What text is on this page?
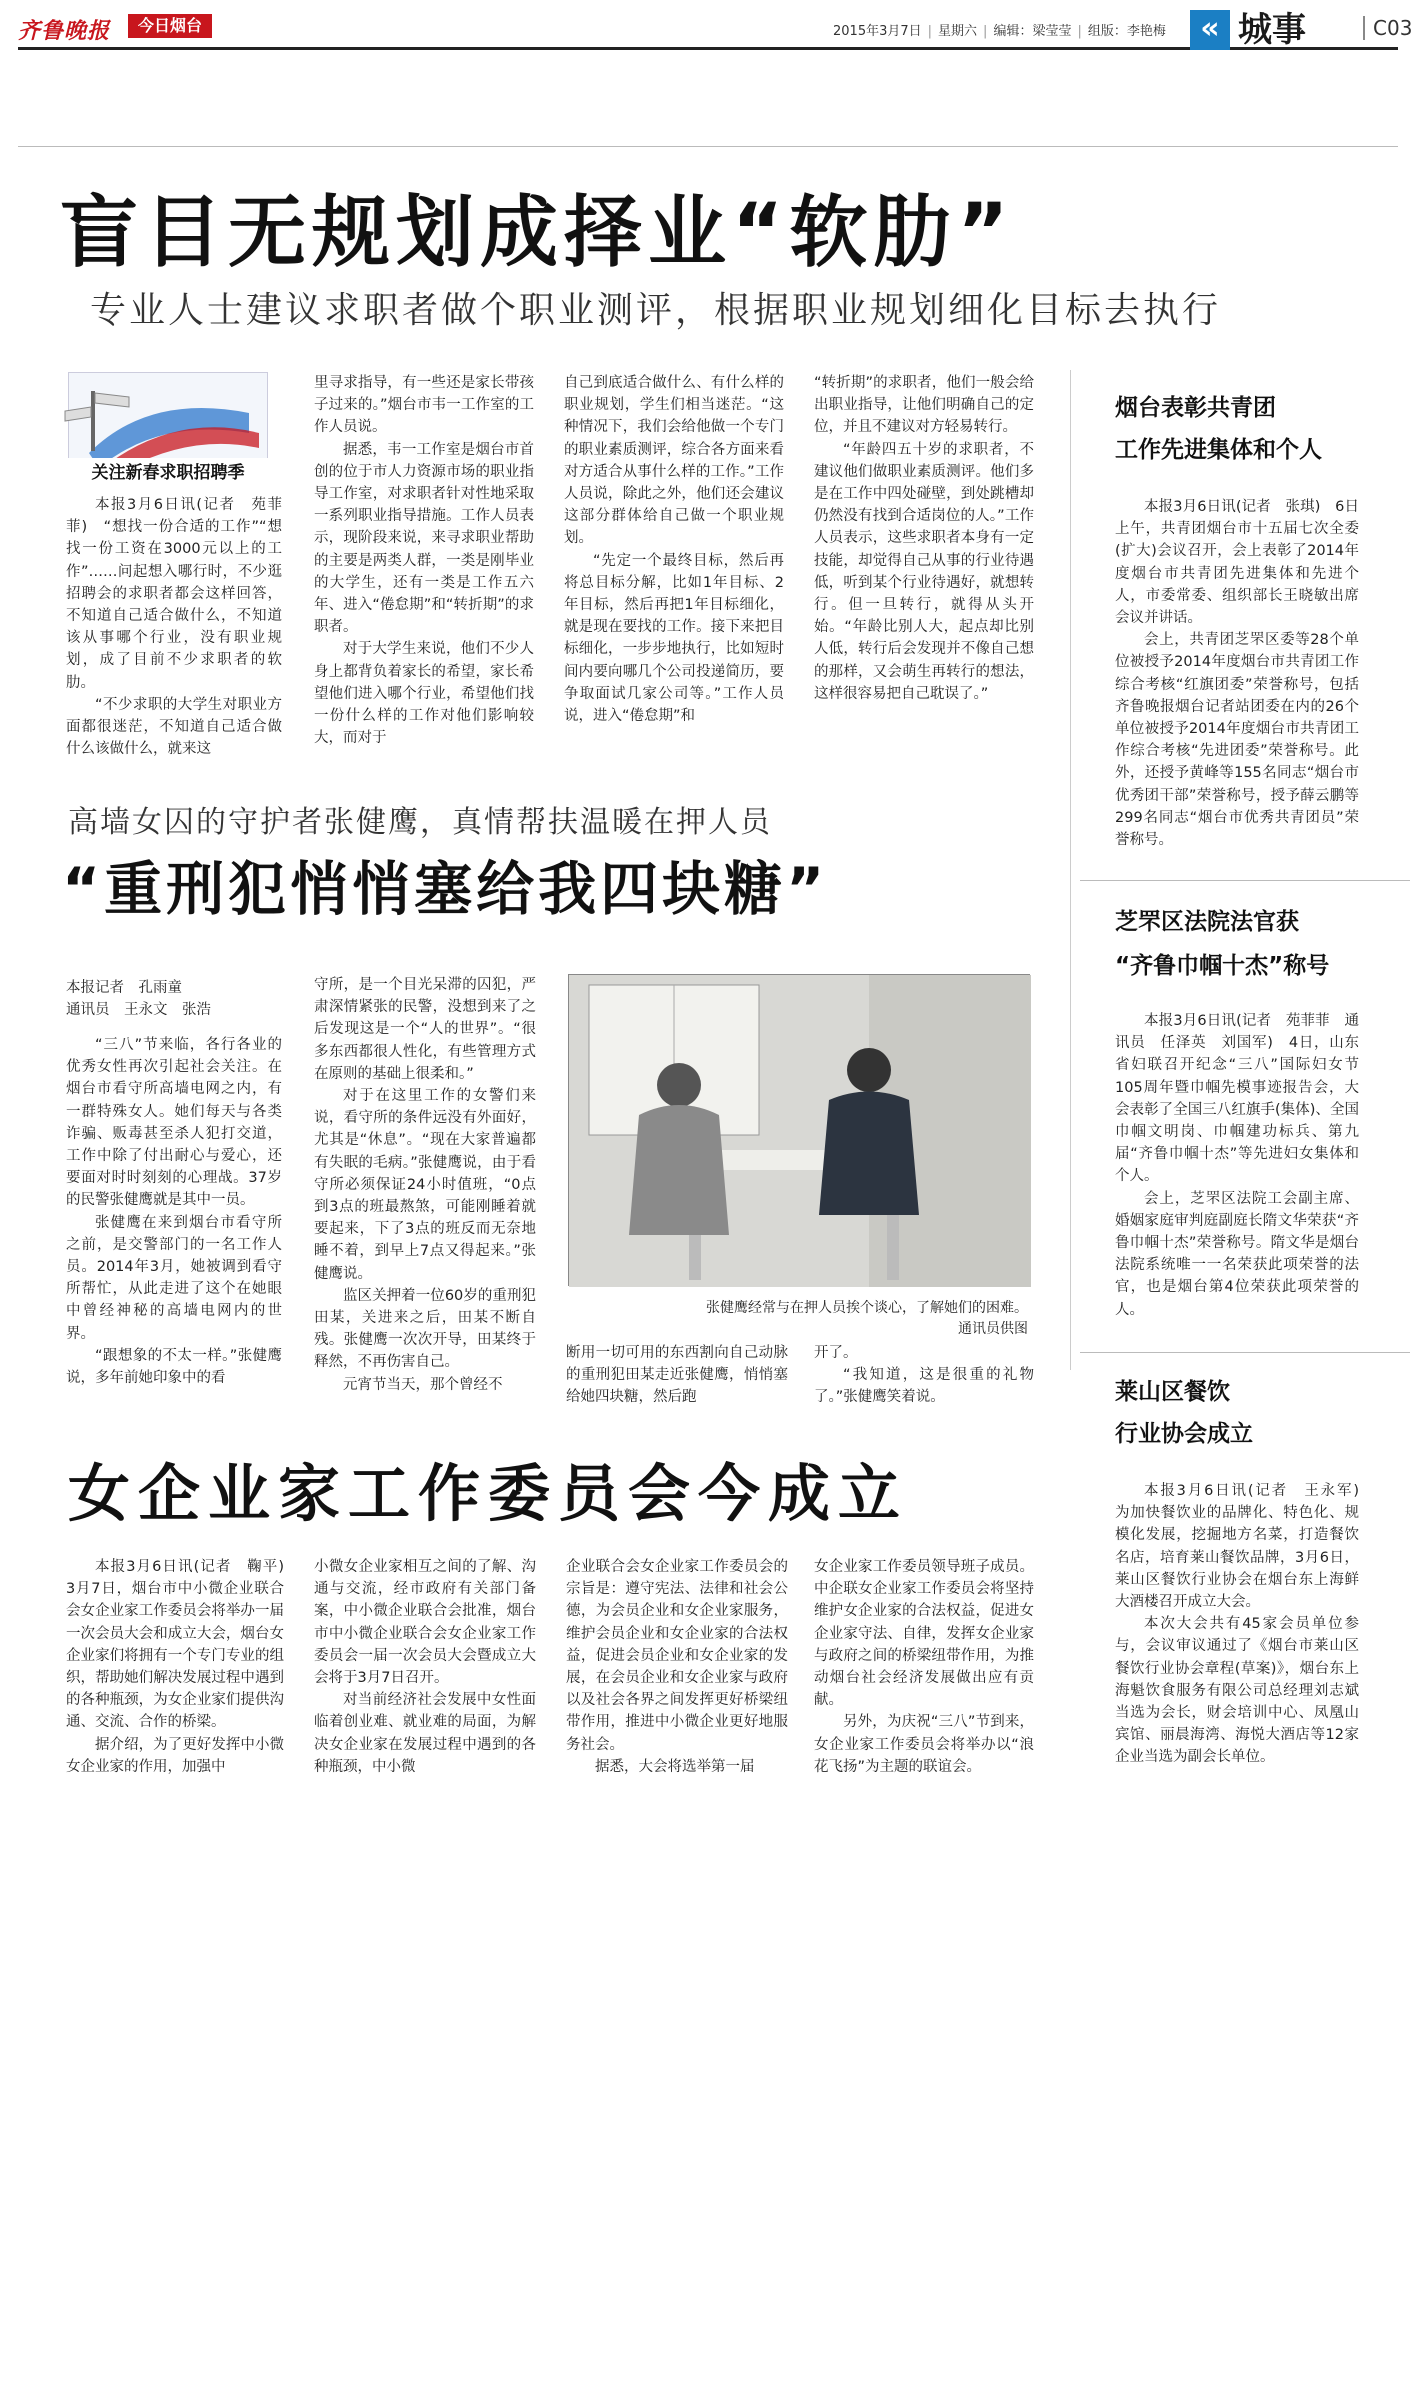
齐鲁晚报	今日烟台	2015年3月7日 | 星期六 | 编辑：梁莹莹 | 组版：李艳梅	« 城事	C03
盲目无规划成择业“软肋”
专业人士建议求职者做个职业测评，根据职业规划细化目标去执行
关注新春求职招聘季

本报3月6日讯(记者　苑菲菲)　“想找一份合适的工作”“想找一份工资在3000元以上的工作”……问起想入哪行时，不少逛招聘会的求职者都会这样回答，不知道自己适合做什么，不知道该从事哪个行业，没有职业规划，成了目前不少求职者的软肋。

“不少求职的大学生对职业方面都很迷茫，不知道自己适合做什么该做什么，就来这

里寻求指导，有一些还是家长带孩子过来的。”烟台市韦一工作室的工作人员说。

据悉，韦一工作室是烟台市首创的位于市人力资源市场的职业指导工作室，对求职者针对性地采取一系列职业指导措施。工作人员表示，现阶段来说，来寻求职业帮助的主要是两类人群，一类是刚毕业的大学生，还有一类是工作五六年、进入“倦怠期”和“转折期”的求职者。

对于大学生来说，他们不少人身上都背负着家长的希望，家长希望他们进入哪个行业，希望他们找一份什么样的工作对他们影响较大，而对于

自己到底适合做什么、有什么样的职业规划，学生们相当迷茫。“这种情况下，我们会给他做一个专门的职业素质测评，综合各方面来看对方适合从事什么样的工作。”工作人员说，除此之外，他们还会建议这部分群体给自己做一个职业规划。

“先定一个最终目标，然后再将总目标分解，比如1年目标、2年目标，然后再把1年目标细化，就是现在要找的工作。接下来把目标细化，一步步地执行，比如短时间内要向哪几个公司投递简历，要争取面试几家公司等。”工作人员说，进入“倦怠期”和

“转折期”的求职者，他们一般会给出职业指导，让他们明确自己的定位，并且不建议对方轻易转行。

“年龄四五十岁的求职者，不建议他们做职业素质测评。他们多是在工作中四处碰壁，到处跳槽却仍然没有找到合适岗位的人。”工作人员表示，这些求职者本身有一定技能，却觉得自己从事的行业待遇低，听到某个行业待遇好，就想转行。但一旦转行，就得从头开始。“年龄比别人大，起点却比别人低，转行后会发现并不像自己想的那样，又会萌生再转行的想法，这样很容易把自己耽误了。”

高墙女囚的守护者张健鹰，真情帮扶温暖在押人员
“重刑犯悄悄塞给我四块糖”
本报记者　孔雨童
通讯员　王永文　张浩

“三八”节来临，各行各业的优秀女性再次引起社会关注。在烟台市看守所高墙电网之内，有一群特殊女人。她们每天与各类诈骗、贩毒甚至杀人犯打交道，工作中除了付出耐心与爱心，还要面对时时刻刻的心理战。37岁的民警张健鹰就是其中一员。

张健鹰在来到烟台市看守所之前，是交警部门的一名工作人员。2014年3月，她被调到看守所帮忙，从此走进了这个在她眼中曾经神秘的高墙电网内的世界。

“跟想象的不太一样。”张健鹰说，多年前她印象中的看

守所，是一个目光呆滞的囚犯，严肃深情紧张的民警，没想到来了之后发现这是一个“人的世界”。“很多东西都很人性化，有些管理方式在原则的基础上很柔和。”

对于在这里工作的女警们来说，看守所的条件远没有外面好，尤其是“休息”。“现在大家普遍都有失眠的毛病。”张健鹰说，由于看守所必须保证24小时值班，“0点到3点的班最熬煞，可能刚睡着就要起来，下了3点的班反而无奈地睡不着，到早上7点又得起来。”张健鹰说。

监区关押着一位60岁的重刑犯田某，关进来之后，田某不断自残。张健鹰一次次开导，田某终于释然，不再伤害自己。

元宵节当天，那个曾经不

张健鹰经常与在押人员挨个谈心，了解她们的困难。
通讯员供图

断用一切可用的东西割向自己动脉的重刑犯田某走近张健鹰，悄悄塞给她四块糖，然后跑

开了。

“我知道，这是很重的礼物了。”张健鹰笑着说。

女企业家工作委员会今成立

本报3月6日讯(记者　鞠平)　3月7日，烟台市中小微企业联合会女企业家工作委员会将举办一届一次会员大会和成立大会，烟台女企业家们将拥有一个专门专业的组织，帮助她们解决发展过程中遇到的各种瓶颈，为女企业家们提供沟通、交流、合作的桥梁。

据介绍，为了更好发挥中小微女企业家的作用，加强中

小微女企业家相互之间的了解、沟通与交流，经市政府有关部门备案，中小微企业联合会批准，烟台市中小微企业联合会女企业家工作委员会一届一次会员大会暨成立大会将于3月7日召开。

对当前经济社会发展中女性面临着创业难、就业难的局面，为解决女企业家在发展过程中遇到的各种瓶颈，中小微

企业联合会女企业家工作委员会的宗旨是：遵守宪法、法律和社会公德，为会员企业和女企业家服务，维护会员企业和女企业家的合法权益，促进会员企业和女企业家的发展，在会员企业和女企业家与政府以及社会各界之间发挥更好桥梁纽带作用，推进中小微企业更好地服务社会。

据悉，大会将选举第一届

女企业家工作委员领导班子成员。中企联女企业家工作委员会将坚持维护女企业家的合法权益，促进女企业家守法、自律，发挥女企业家与政府之间的桥梁纽带作用，为推动烟台社会经济发展做出应有贡献。

另外，为庆祝“三八”节到来，女企业家工作委员会将举办以“浪花飞扬”为主题的联谊会。

烟台表彰共青团
工作先进集体和个人

本报3月6日讯(记者　张琪)　6日上午，共青团烟台市十五届七次全委(扩大)会议召开，会上表彰了2014年度烟台市共青团先进集体和先进个人，市委常委、组织部长王晓敏出席会议并讲话。

会上，共青团芝罘区委等28个单位被授予2014年度烟台市共青团工作综合考核“红旗团委”荣誉称号，包括齐鲁晚报烟台记者站团委在内的26个单位被授予2014年度烟台市共青团工作综合考核“先进团委”荣誉称号。此外，还授予黄峰等155名同志“烟台市优秀团干部”荣誉称号，授予薛云鹏等299名同志“烟台市优秀共青团员”荣誉称号。

芝罘区法院法官获
“齐鲁巾帼十杰”称号

本报3月6日讯(记者　苑菲菲　通讯员　任泽英　刘国军)　4日，山东省妇联召开纪念“三八”国际妇女节105周年暨巾帼先模事迹报告会，大会表彰了全国三八红旗手(集体)、全国巾帼文明岗、巾帼建功标兵、第九届“齐鲁巾帼十杰”等先进妇女集体和个人。

会上，芝罘区法院工会副主席、婚姻家庭审判庭副庭长隋文华荣获“齐鲁巾帼十杰”荣誉称号。隋文华是烟台法院系统唯一一名荣获此项荣誉的法官，也是烟台第4位荣获此项荣誉的人。

莱山区餐饮
行业协会成立

本报3月6日讯(记者　王永军)　为加快餐饮业的品牌化、特色化、规模化发展，挖掘地方名菜，打造餐饮名店，培育莱山餐饮品牌，3月6日，莱山区餐饮行业协会在烟台东上海鲜大酒楼召开成立大会。

本次大会共有45家会员单位参与，会议审议通过了《烟台市莱山区餐饮行业协会章程(草案)》，烟台东上海魁饮食服务有限公司总经理刘志斌当选为会长，财会培训中心、凤凰山宾馆、丽晨海湾、海悦大酒店等12家企业当选为副会长单位。
